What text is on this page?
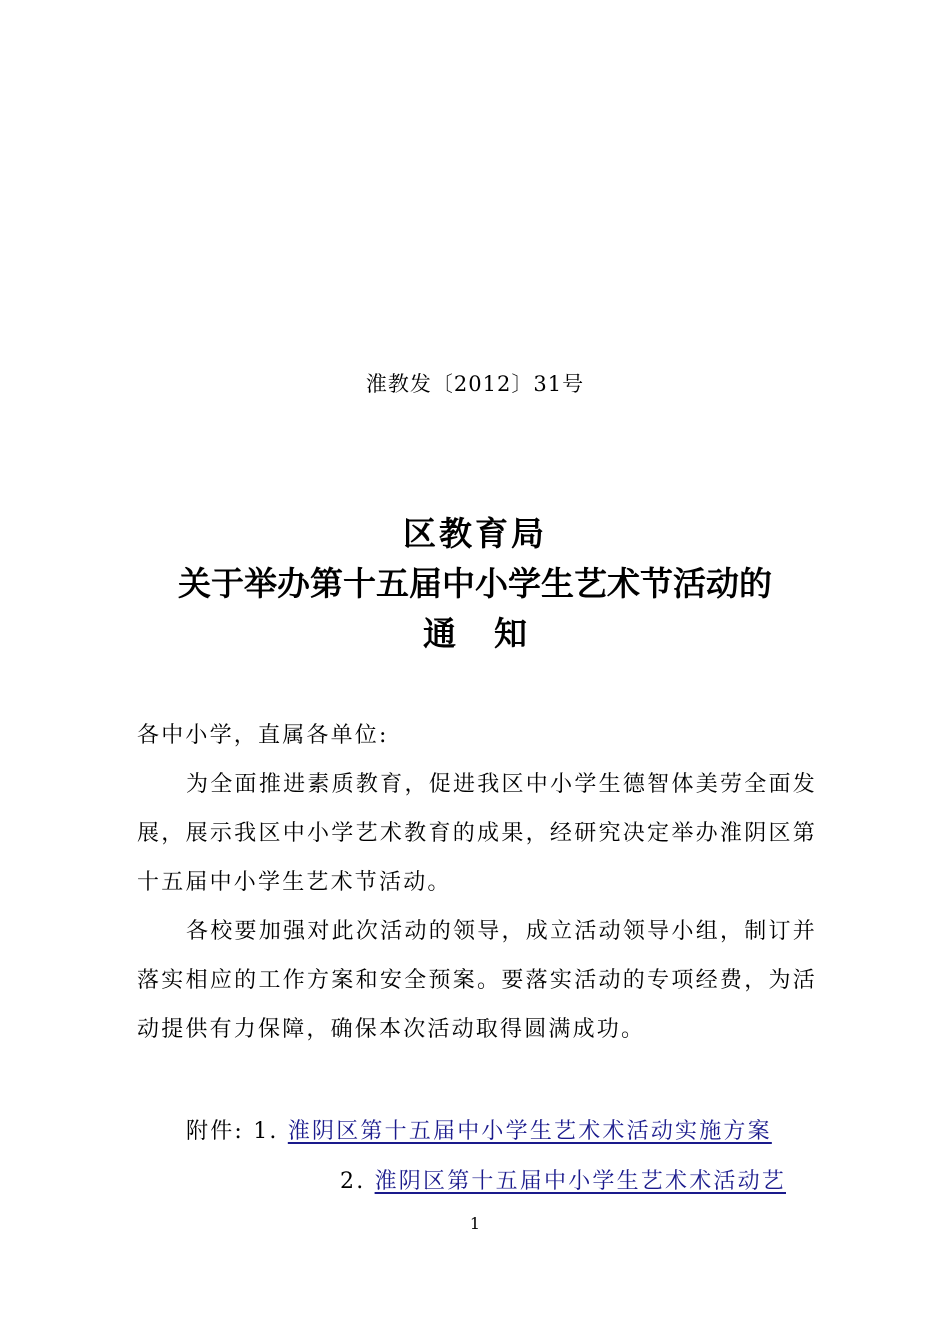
淮教发〔2012〕31号
区教育局
关于举办第十五届中小学生艺术节活动的
通知
各中小学，直属各单位:
为全面推进素质教育，促进我区中小学生德智体美劳全面发展，展示我区中小学艺术教育的成果，经研究决定举办淮阴区第十五届中小学生艺术节活动。
各校要加强对此次活动的领导，成立活动领导小组，制订并落实相应的工作方案和安全预案。要落实活动的专项经费，为活动提供有力保障，确保本次活动取得圆满成功。
附件: 1. 淮阴区第十五届中小学生艺术术活动实施方案
2. 淮阴区第十五届中小学生艺术术活动艺
1
